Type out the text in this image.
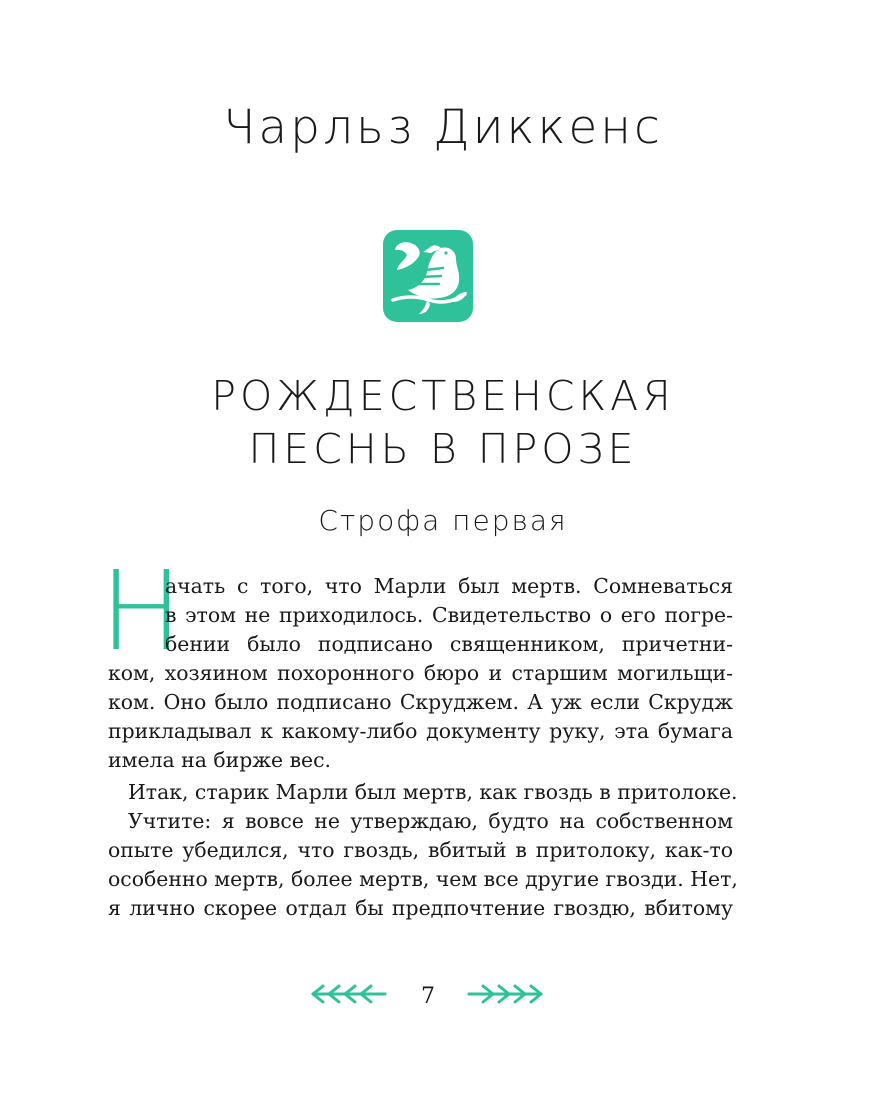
Чарльз Диккенс
РОЖДЕСТВЕНСКАЯ
ПЕСНЬ В ПРОЗЕ
Строфа первая
Н
ачать с того, что Марли был мертв. Сомневаться
в этом не приходилось. Свидетельство о его погре-
бении было подписано священником, причетни-
ком, хозяином похоронного бюро и старшим могильщи-
ком. Оно было подписано Скруджем. А уж если Скрудж
прикладывал к какому-либо документу руку, эта бумага
имела на бирже вес.
Итак, старик Марли был мертв, как гвоздь в притолоке.
Учтите: я вовсе не утверждаю, будто на собственном
опыте убедился, что гвоздь, вбитый в притолоку, как-то
особенно мертв, более мертв, чем все другие гвозди. Нет,
я лично скорее отдал бы предпочтение гвоздю, вбитому
7
